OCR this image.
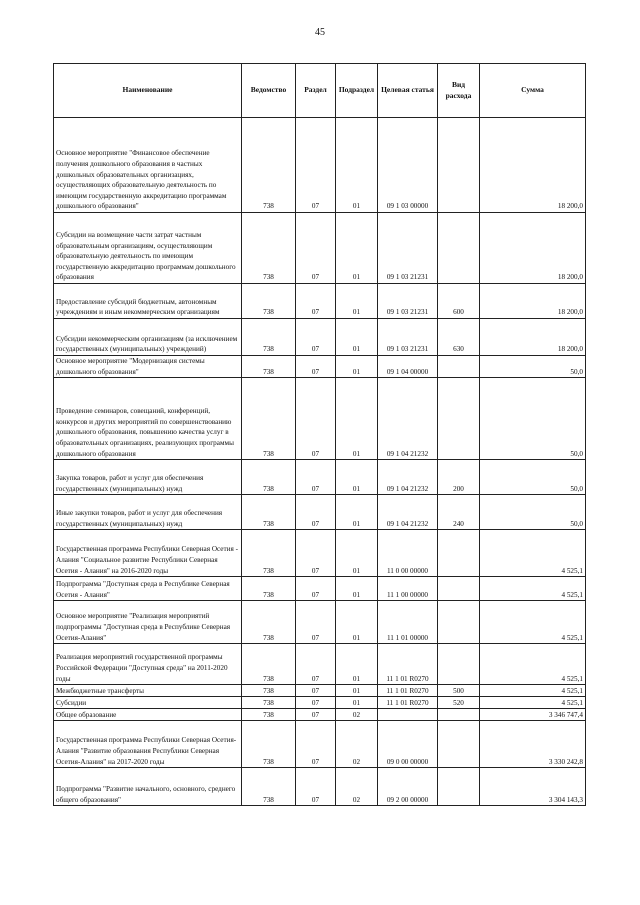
45
Наименование	Ведомство	Раздел	Подраздел	Целевая статья	Вид расхода	Сумма
Основное мероприятие "Финансовое обеспечение получения дошкольного образования в частных дошкольных образовательных организациях, осуществляющих образовательную деятельность по имеющим государственную аккредитацию программам дошкольного образования"	738	07	01	09 1 03 00000		18 200,0
Субсидии на возмещение части затрат частным образовательным организациям, осуществляющим образовательную деятельность по имеющим государственную аккредитацию программам дошкольного образования	738	07	01	09 1 03 21231		18 200,0
Предоставление субсидий бюджетным, автономным учреждениям и иным некоммерческим организациям	738	07	01	09 1 03 21231	600	18 200,0
Субсидии некоммерческим организациям (за исключением государственных (муниципальных) учреждений)	738	07	01	09 1 03 21231	630	18 200,0
Основное мероприятие "Модернизация системы дошкольного образования"	738	07	01	09 1 04 00000		50,0
Проведение семинаров, совещаний, конференций, конкурсов и других мероприятий по совершенствованию дошкольного образования, повышению качества услуг в образовательных организациях, реализующих программы дошкольного образования	738	07	01	09 1 04 21232		50,0
Закупка товаров, работ и услуг для обеспечения государственных (муниципальных) нужд	738	07	01	09 1 04 21232	200	50,0
Иные закупки товаров, работ и услуг для обеспечения государственных (муниципальных) нужд	738	07	01	09 1 04 21232	240	50,0
Государственная программа Республики Северная Осетия - Алания "Социальное развитие Республики Северная Осетия - Алания" на 2016-2020 годы	738	07	01	11 0 00 00000		4 525,1
Подпрограмма "Доступная среда в Республике Северная Осетия - Алания"	738	07	01	11 1 00 00000		4 525,1
Основное мероприятие "Реализация мероприятий подпрограммы "Доступная среда в Республике Северная Осетия-Алания"	738	07	01	11 1 01 00000		4 525,1
Реализация мероприятий государственной программы Российской Федерации "Доступная среда" на 2011-2020 годы	738	07	01	11 1 01 R0270		4 525,1
Межбюджетные трансферты	738	07	01	11 1 01 R0270	500	4 525,1
Субсидии	738	07	01	11 1 01 R0270	520	4 525,1
Общее образование	738	07	02			3 346 747,4
Государственная программа Республики Северная Осетия-Алания "Развитие образования Республики Северная Осетия-Алания" на 2017-2020 годы	738	07	02	09 0 00 00000		3 330 242,8
Подпрограмма "Развитие начального, основного, среднего общего образования"	738	07	02	09 2 00 00000		3 304 143,3
